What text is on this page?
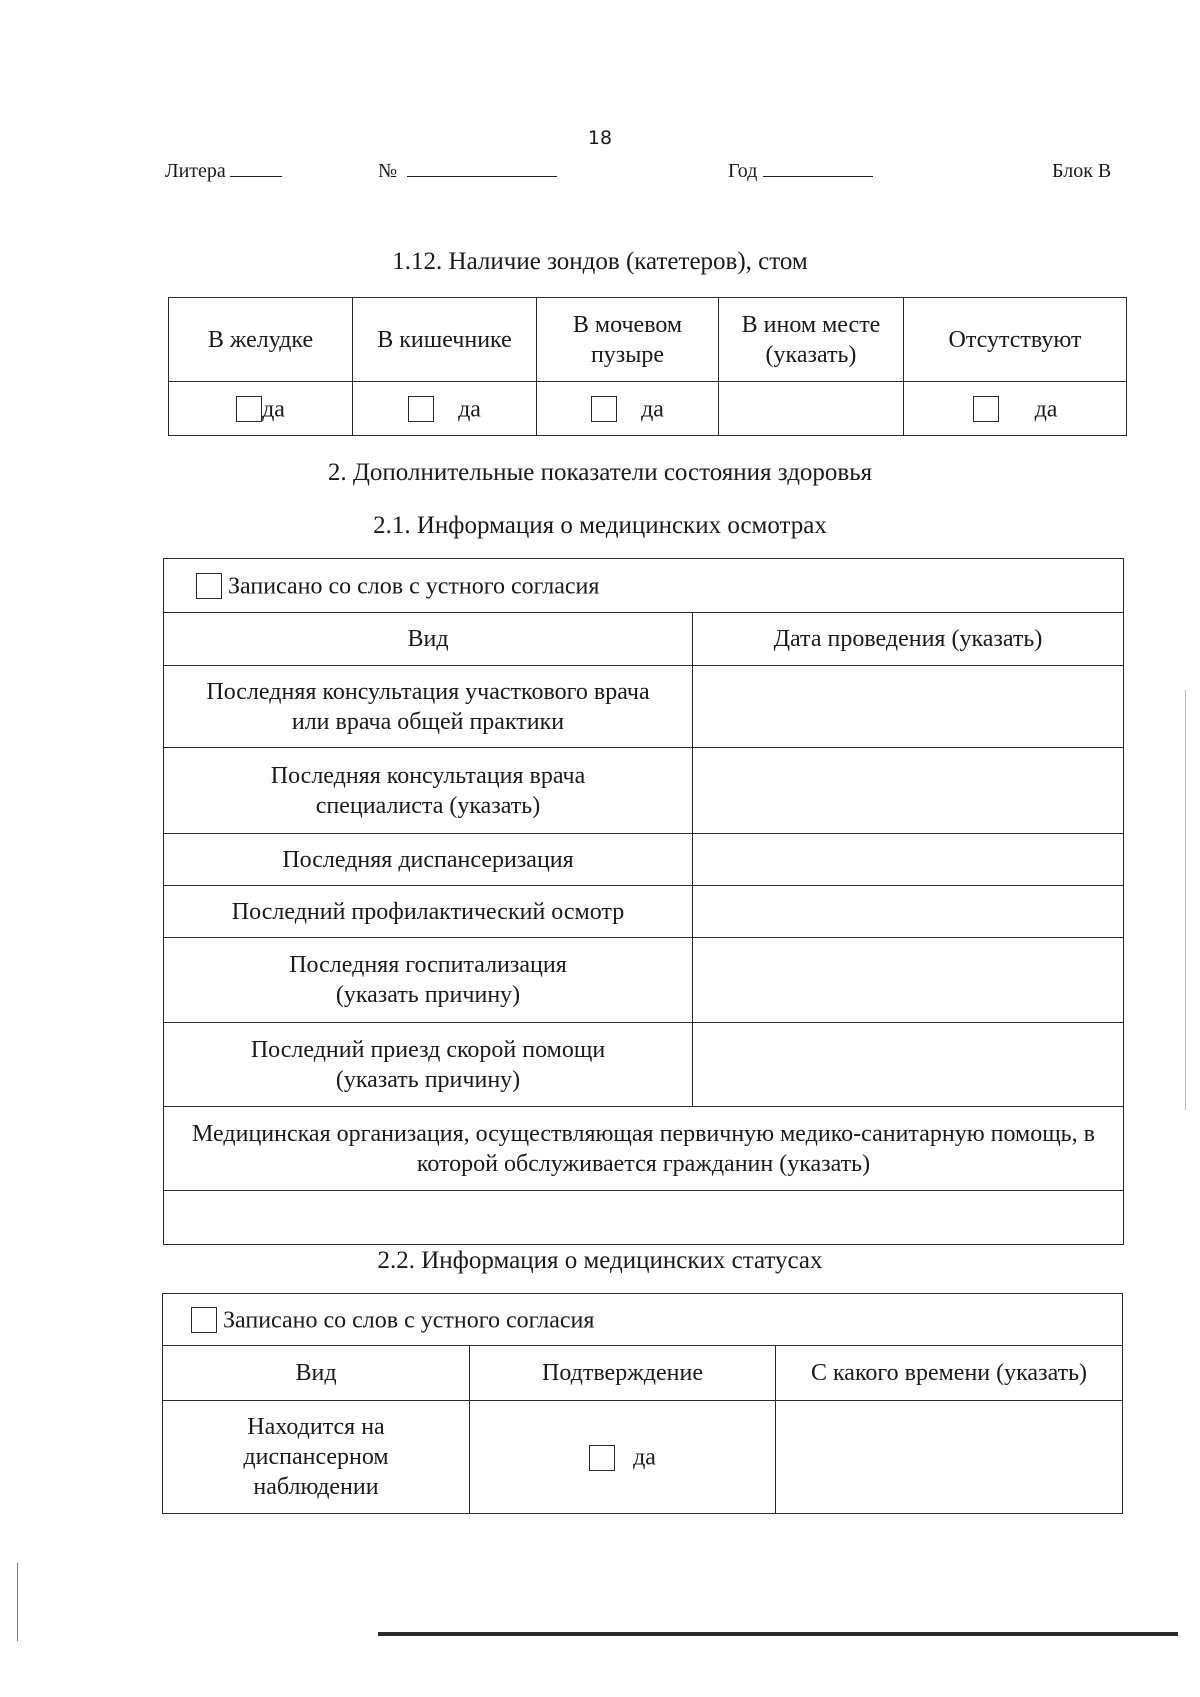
18
Литера	№	Год	Блок В
1.12. Наличие зондов (катетеров), стом
В желудке	В кишечнике	В мочевом пузыре	В ином месте (указать)	Отсутствуют
да	да	да		да
2. Дополнительные показатели состояния здоровья
2.1. Информация о медицинских осмотрах
Записано со слов с устного согласия	
Вид	Дата проведения (указать)
Последняя консультация участкового врача или врача общей практики	
Последняя консультация врача специалиста (указать)	
Последняя диспансеризация	
Последний профилактический осмотр	
Последняя госпитализация (указать причину)	
Последний приезд скорой помощи (указать причину)	
Медицинская организация, осуществляющая первичную медико-санитарную помощь, в которой обслуживается гражданин (указать)	

2.2. Информация о медицинских статусах
Записано со слов с устного согласия		
Вид	Подтверждение	С какого времени (указать)
Находится на диспансерном наблюдении	да	
